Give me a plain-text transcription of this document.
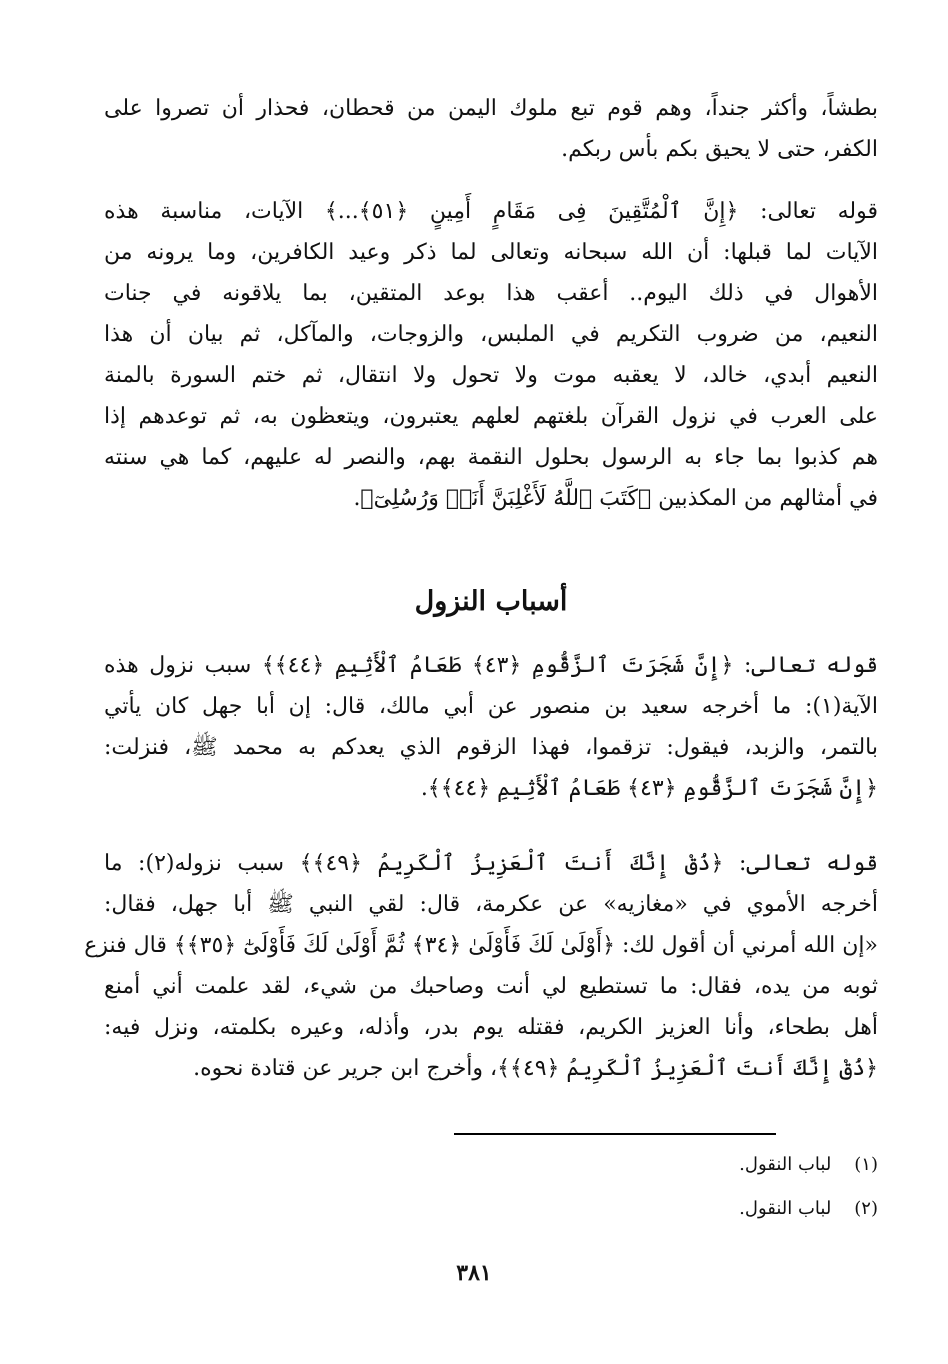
بطشاً، وأكثر جنداً، وهم قوم تبع ملوك اليمن من قحطان، فحذار أن تصروا على
الكفر، حتى لا يحيق بكم بأس ربكم.
قوله تعالى: ﴿إِنَّ ٱلْمُتَّقِينَ فِى مَقَامٍ أَمِينٍ ﴿٥١﴾...﴾ الآيات، مناسبة هذه
الآيات لما قبلها: أن الله سبحانه وتعالى لما ذكر وعيد الكافرين، وما يرونه من
الأهوال في ذلك اليوم.. أعقب هذا بوعد المتقين، بما يلاقونه في جنات
النعيم، من ضروب التكريم في الملبس، والزوجات، والمآكل، ثم بيان أن هذا
النعيم أبدي، خالد، لا يعقبه موت ولا تحول ولا انتقال، ثم ختم السورة بالمنة
على العرب في نزول القرآن بلغتهم لعلهم يعتبرون، ويتعظون به، ثم توعدهم إذا
هم كذبوا بما جاء به الرسول بحلول النقمة بهم، والنصر له عليهم، كما هي سنته
في أمثالهم من المكذبين ﴿كَتَبَ ٱللَّهُ لَأَغْلِبَنَّ أَنَا۠ وَرُسُلِىٓ﴾.
أسباب النزول
قوله تعالى: ﴿إِنَّ شَجَرَتَ ٱلزَّقُّومِ ﴿٤٣﴾ طَعَامُ ٱلْأَثِيمِ ﴿٤٤﴾﴾ سبب نزول هذه
الآية(١): ما أخرجه سعيد بن منصور عن أبي مالك، قال: إن أبا جهل كان يأتي
بالتمر، والزبد، فيقول: تزقموا، فهذا الزقوم الذي يعدكم به محمد ﷺ، فنزلت:
﴿إِنَّ شَجَرَتَ ٱلزَّقُّومِ ﴿٤٣﴾ طَعَامُ ٱلْأَثِيمِ ﴿٤٤﴾﴾.
قوله تعالى: ﴿ذُقْ إِنَّكَ أَنتَ ٱلْعَزِيزُ ٱلْكَرِيمُ ﴿٤٩﴾﴾ سبب نزوله(٢): ما
أخرجه الأموي في «مغازيه» عن عكرمة، قال: لقي النبي ﷺ أبا جهل، فقال:
«إن الله أمرني أن أقول لك: ﴿أَوْلَىٰ لَكَ فَأَوْلَىٰ ﴿٣٤﴾ ثُمَّ أَوْلَىٰ لَكَ فَأَوْلَىٰٓ ﴿٣٥﴾﴾ قال فنزع
ثوبه من يده، فقال: ما تستطيع لي أنت وصاحبك من شيء، لقد علمت أني أمنع
أهل بطحاء، وأنا العزيز الكريم، فقتله يوم بدر، وأذله، وعيره بكلمته، ونزل فيه:
﴿ذُقْ إِنَّكَ أَنتَ ٱلْعَزِيزُ ٱلْكَرِيمُ ﴿٤٩﴾﴾، وأخرج ابن جرير عن قتادة نحوه.
(١)    لباب النقول.
(٢)    لباب النقول.
٣٨١
